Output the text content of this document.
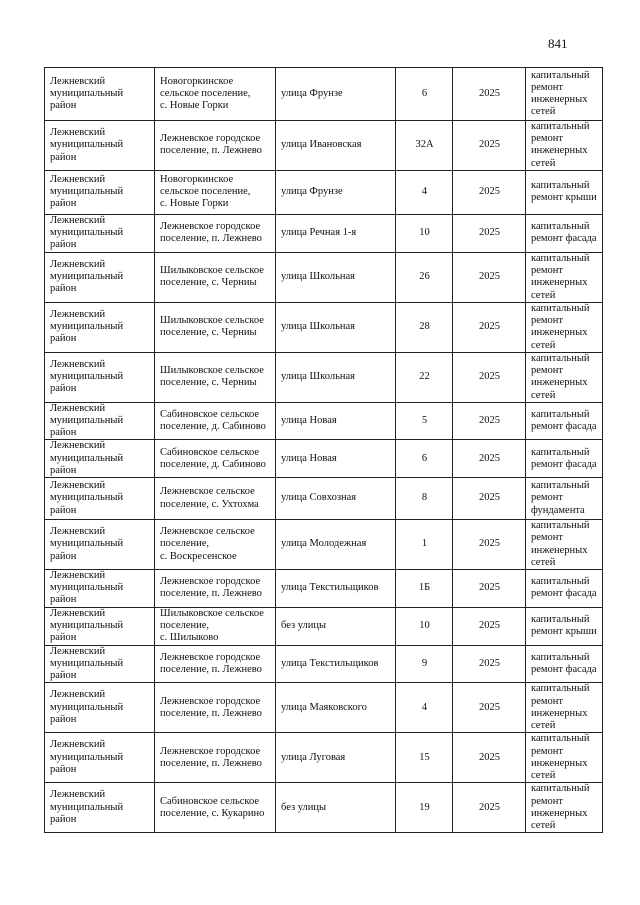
841
Лежневский
муниципальный
район	Новогоркинское
сельское поселение,
с. Новые Горки	улица Фрунзе	6	2025	капитальный
ремонт
инженерных
сетей
Лежневский
муниципальный
район	Лежневское городское
поселение, п. Лежнево	улица Ивановская	32А	2025	капитальный
ремонт
инженерных
сетей
Лежневский
муниципальный
район	Новогоркинское
сельское поселение,
с. Новые Горки	улица Фрунзе	4	2025	капитальный
ремонт крыши
Лежневский
муниципальный
район	Лежневское городское
поселение, п. Лежнево	улица Речная 1-я	10	2025	капитальный
ремонт фасада
Лежневский
муниципальный
район	Шилыковское сельское
поселение, с. Черниы	улица Школьная	26	2025	капитальный
ремонт
инженерных
сетей
Лежневский
муниципальный
район	Шилыковское сельское
поселение, с. Черниы	улица Школьная	28	2025	капитальный
ремонт
инженерных
сетей
Лежневский
муниципальный
район	Шилыковское сельское
поселение, с. Черниы	улица Школьная	22	2025	капитальный
ремонт
инженерных
сетей
Лежневский
муниципальный
район	Сабиновское сельское
поселение, д. Сабиново	улица Новая	5	2025	капитальный
ремонт фасада
Лежневский
муниципальный
район	Сабиновское сельское
поселение, д. Сабиново	улица Новая	6	2025	капитальный
ремонт фасада
Лежневский
муниципальный
район	Лежневское сельское
поселение, с. Ухтохма	улица Совхозная	8	2025	капитальный
ремонт
фундамента
Лежневский
муниципальный
район	Лежневское сельское
поселение,
с. Воскресенское	улица Молодежная	1	2025	капитальный
ремонт
инженерных
сетей
Лежневский
муниципальный
район	Лежневское городское
поселение, п. Лежнево	улица Текстильщиков	1Б	2025	капитальный
ремонт фасада
Лежневский
муниципальный
район	Шилыковское сельское
поселение,
с. Шилыково	без улицы	10	2025	капитальный
ремонт крыши
Лежневский
муниципальный
район	Лежневское городское
поселение, п. Лежнево	улица Текстильщиков	9	2025	капитальный
ремонт фасада
Лежневский
муниципальный
район	Лежневское городское
поселение, п. Лежнево	улица Маяковского	4	2025	капитальный
ремонт
инженерных
сетей
Лежневский
муниципальный
район	Лежневское городское
поселение, п. Лежнево	улица Луговая	15	2025	капитальный
ремонт
инженерных
сетей
Лежневский
муниципальный
район	Сабиновское сельское
поселение, с. Кукарино	без улицы	19	2025	капитальный
ремонт
инженерных
сетей
